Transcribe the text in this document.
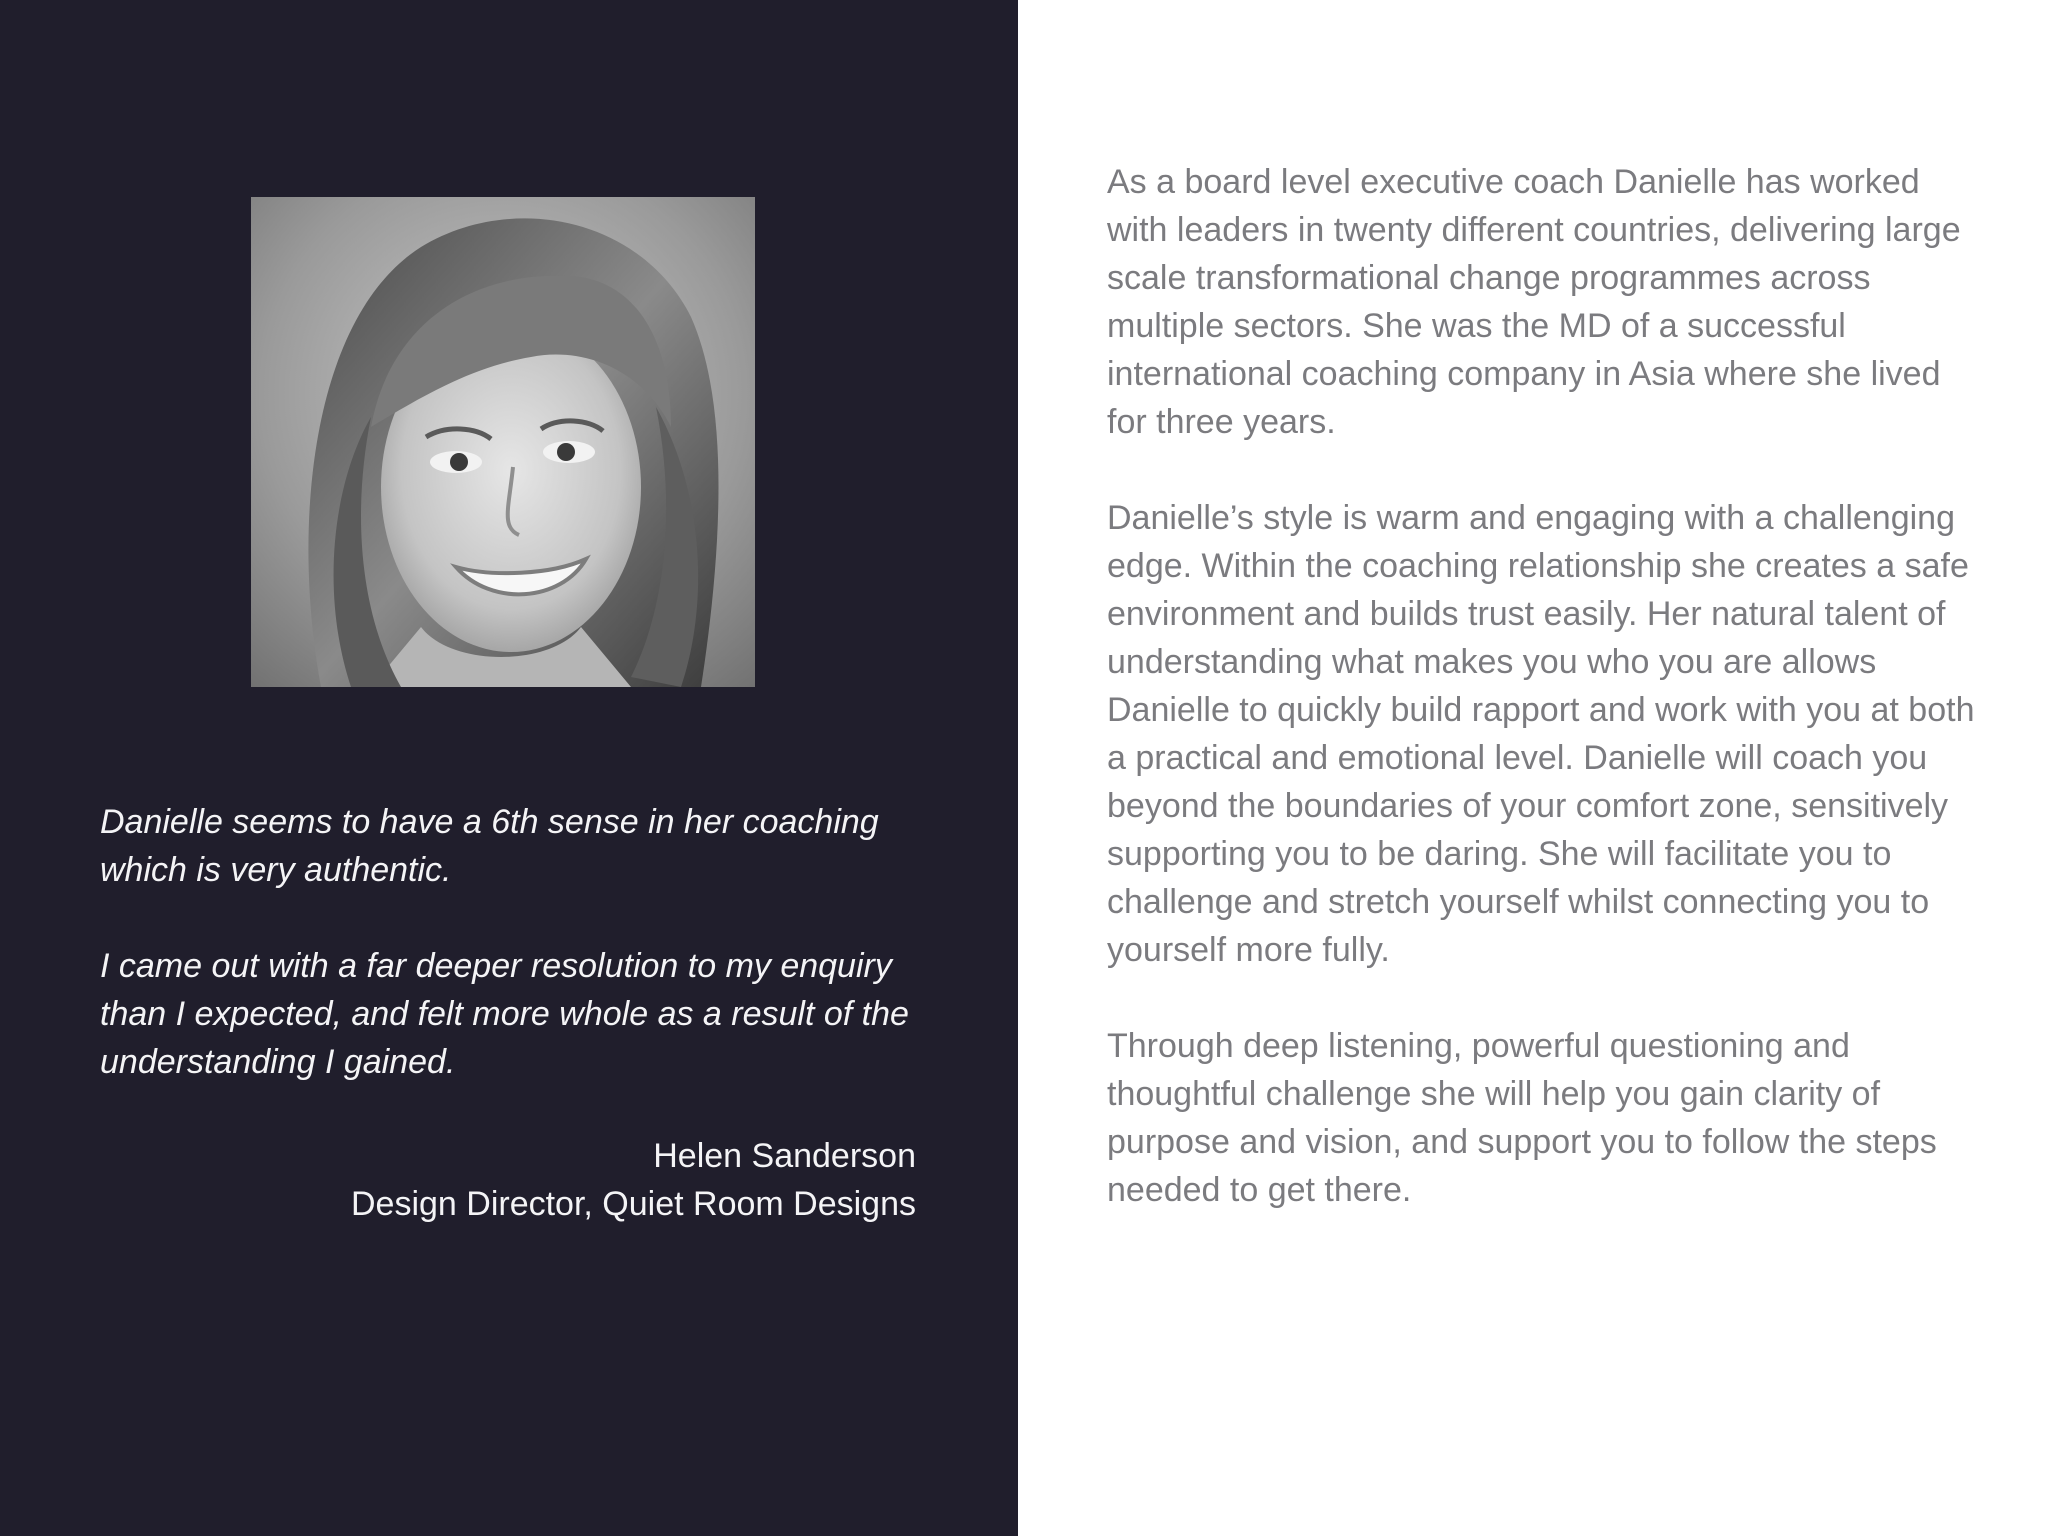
Danielle seems to have a 6th sense in her coaching which is very authentic.

I came out with a far deeper resolution to my enquiry than I expected, and felt more whole as a result of the understanding I gained.

Helen Sanderson
Design Director, Quiet Room Designs

As a board level executive coach Danielle has worked with leaders in twenty different countries, delivering large scale transformational change programmes across multiple sectors. She was the MD of a successful international coaching company in Asia where she lived for three years.

Danielle’s style is warm and engaging with a challenging edge. Within the coaching relationship she creates a safe environment and builds trust easily. Her natural talent of understanding what makes you who you are allows Danielle to quickly build rapport and work with you at both a practical and emotional level. Danielle will coach you beyond the boundaries of your comfort zone, sensitively supporting you to be daring. She will facilitate you to challenge and stretch yourself whilst connecting you to yourself more fully.

Through deep listening, powerful questioning and thoughtful challenge she will help you gain clarity of purpose and vision, and support you to follow the steps needed to get there.
